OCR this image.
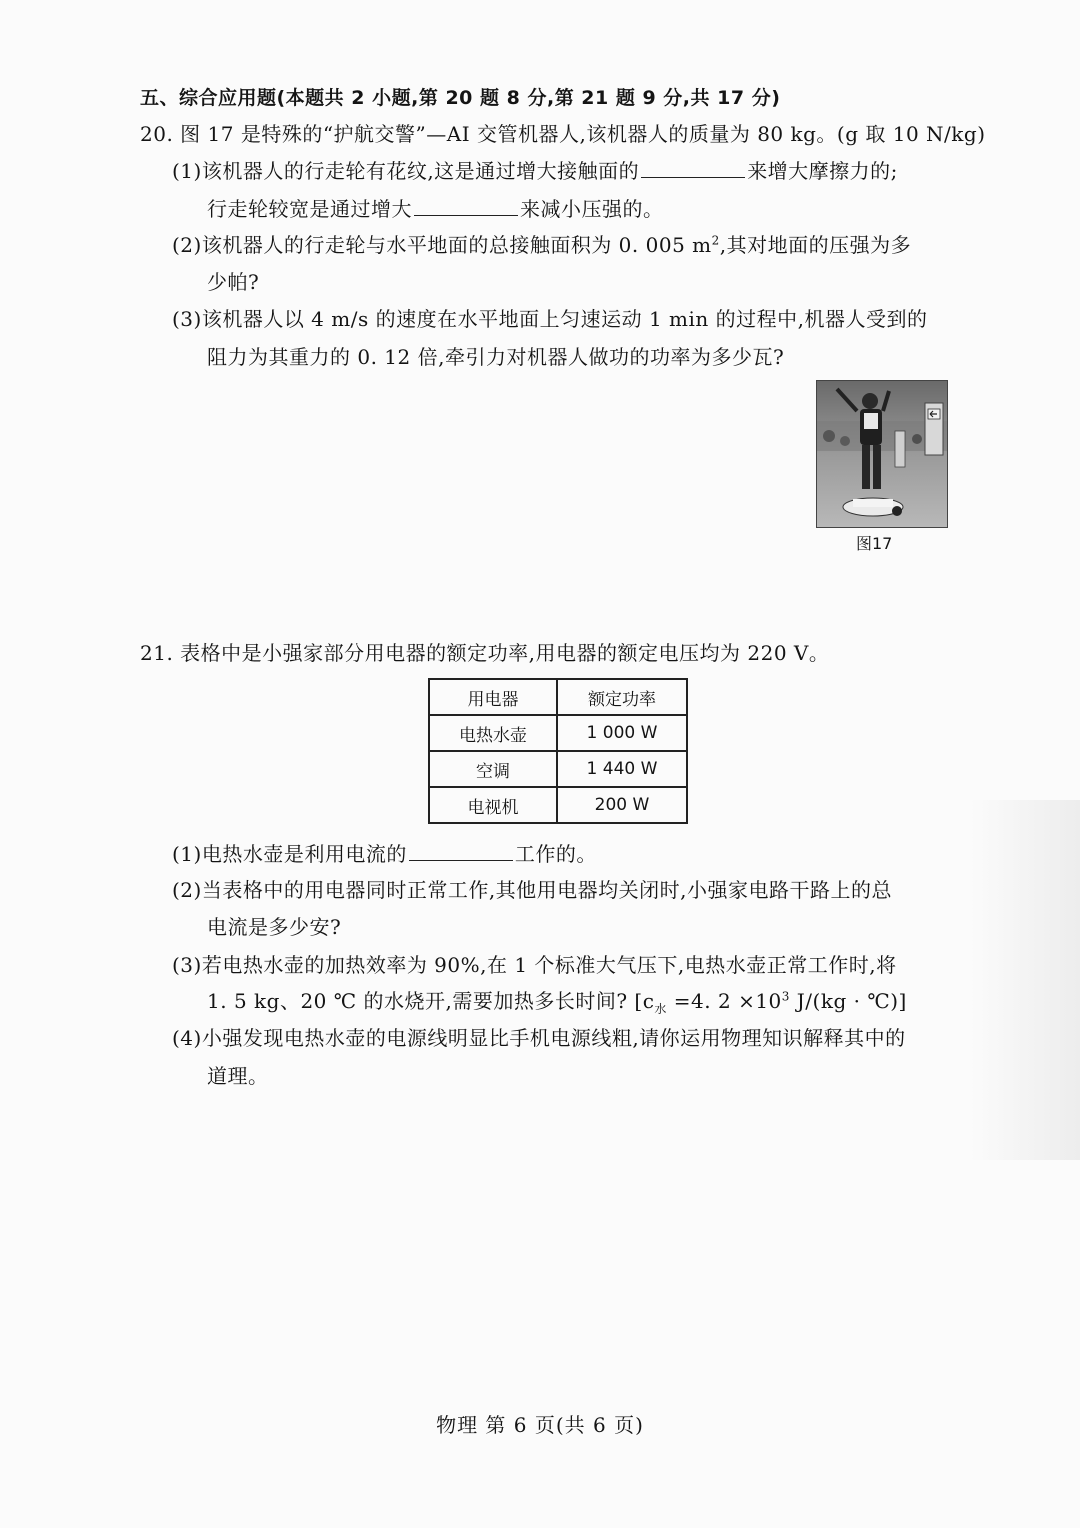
五、综合应用题(本题共 2 小题,第 20 题 8 分,第 21 题 9 分,共 17 分)
20. 图 17 是特殊的“护航交警”—AI 交管机器人,该机器人的质量为 80 kg。(g 取 10 N/kg)
(1)该机器人的行走轮有花纹,这是通过增大接触面的	来增大摩擦力的;
行走轮较宽是通过增大	来减小压强的。
(2)该机器人的行走轮与水平地面的总接触面积为 0. 005 $m^2$,其对地面的压强为多
少帕?
(3)该机器人以 4 m/s 的速度在水平地面上匀速运动 1 min 的过程中,机器人受到的
阻力为其重力的 0. 12 倍,牵引力对机器人做功的功率为多少瓦?
图17
21. 表格中是小强家部分用电器的额定功率,用电器的额定电压均为 220 V。
用电器	额定功率
电热水壶	1 000 W
空调	1 440 W
电视机	200 W
(1)电热水壶是利用电流的	工作的。
(2)当表格中的用电器同时正常工作,其他用电器均关闭时,小强家电路干路上的总
电流是多少安?
(3)若电热水壶的加热效率为 90%,在 1 个标准大气压下,电热水壶正常工作时,将
1. 5 kg、20 ℃ 的水烧开,需要加热多长时间? [$c_水 =4$. $2 \times 10^3$ J/(kg · ℃)]
(4)小强发现电热水壶的电源线明显比手机电源线粗,请你运用物理知识解释其中的
道理。
物理 第 6 页(共 6 页)
